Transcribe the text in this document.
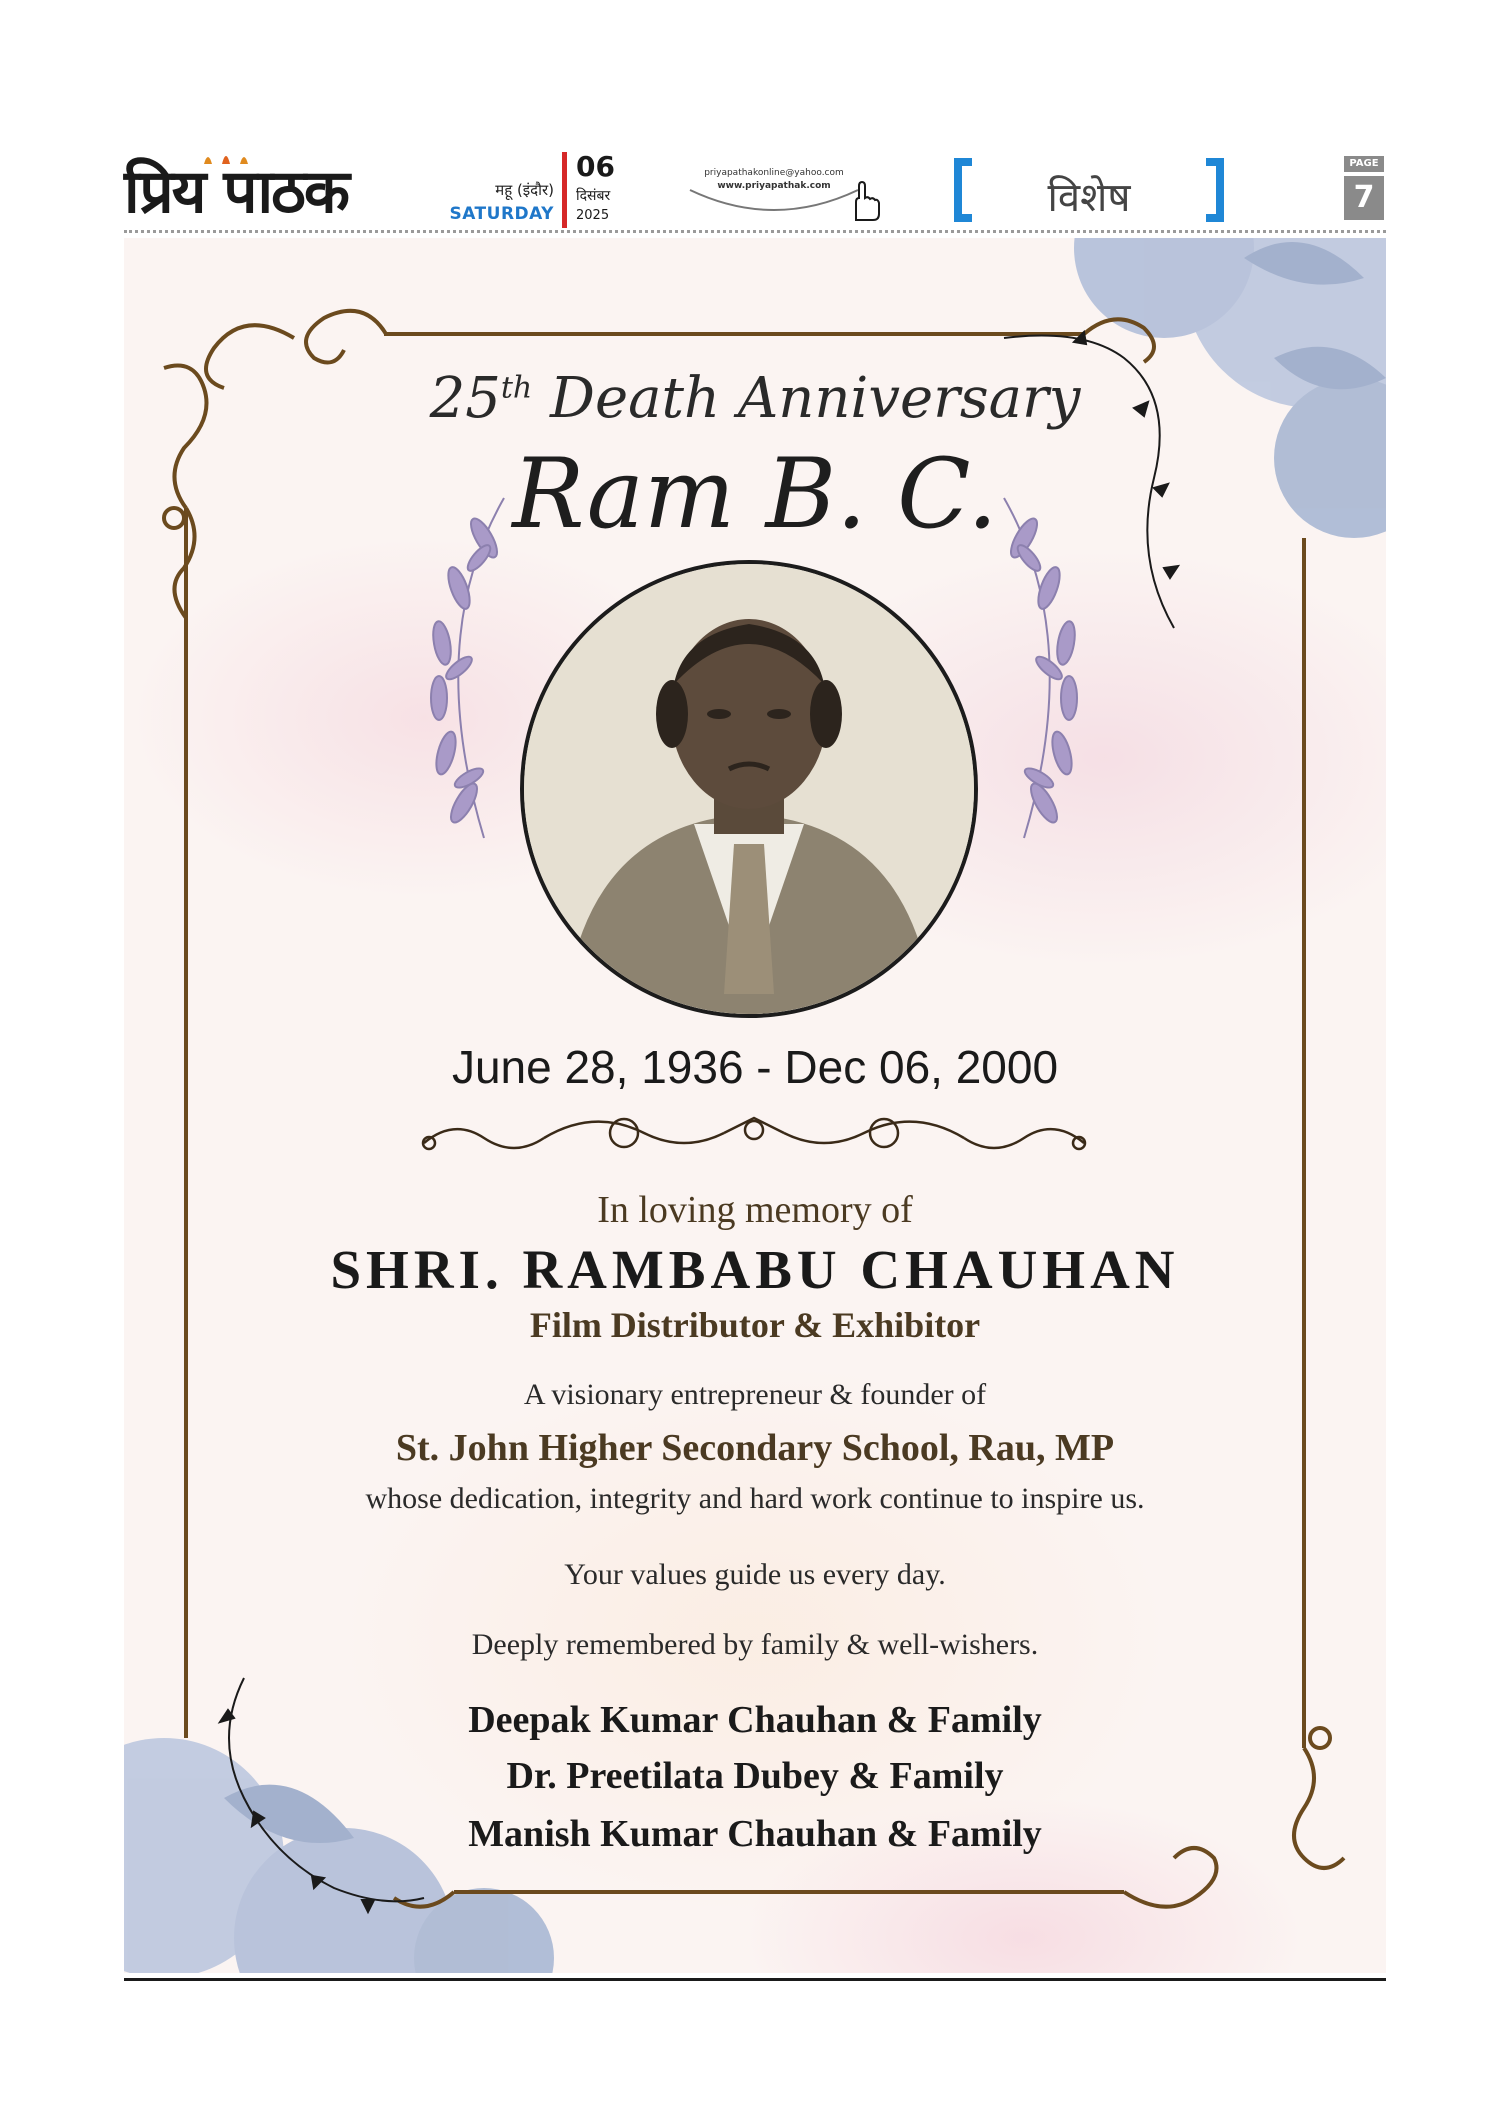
प्रिय पाठक	महू (इंदौर)
SATURDAY
06
दिसंबर
2025
priyapathakonline@yahoo.com
www.priyapathak.com	विशेष
PAGE
7
25th Death Anniversary
Ram B. C.
June 28, 1936 - Dec 06, 2000
In loving memory of
SHRI. RAMBABU CHAUHAN
Film Distributor & Exhibitor
A visionary entrepreneur & founder of
St. John Higher Secondary School, Rau, MP
whose dedication, integrity and hard work continue to inspire us.
Your values guide us every day.
Deeply remembered by family & well-wishers.
Deepak Kumar Chauhan & Family
Dr. Preetilata Dubey & Family
Manish Kumar Chauhan & Family
